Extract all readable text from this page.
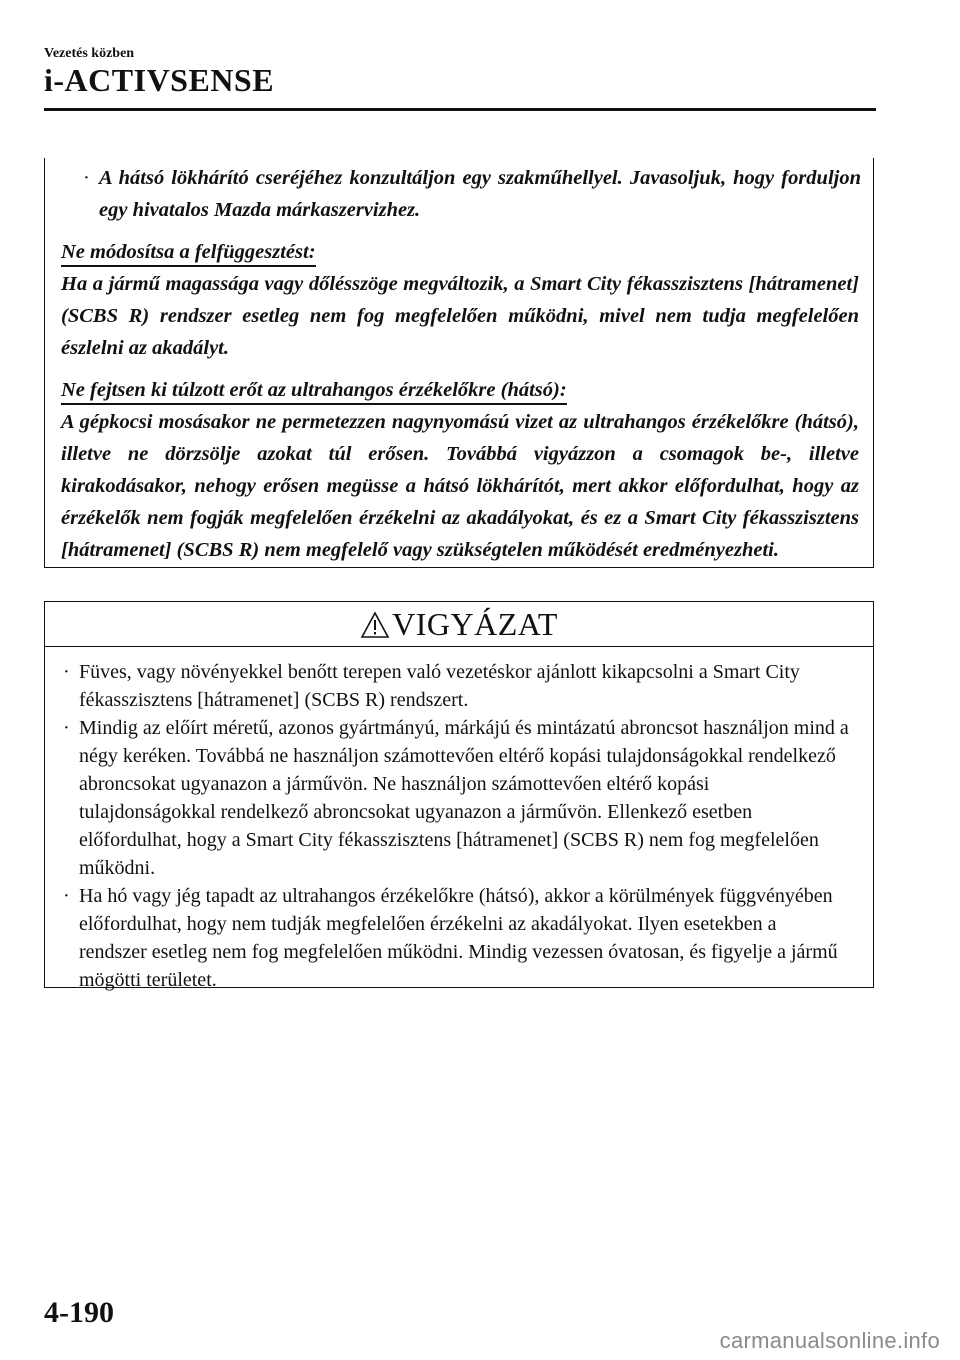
Vezetés közben
i-ACTIVSENSE
· A hátsó lökhárító cseréjéhez konzultáljon egy szakműhellyel. Javasoljuk, hogy forduljon egy hivatalos Mazda márkaszervizhez.
Ne módosítsa a felfüggesztést:
Ha a jármű magassága vagy dőlésszöge megváltozik, a Smart City fékasszisztens [hátramenet] (SCBS R) rendszer esetleg nem fog megfelelően működni, mivel nem tudja megfelelően észlelni az akadályt.
Ne fejtsen ki túlzott erőt az ultrahangos érzékelőkre (hátsó):
A gépkocsi mosásakor ne permetezzen nagynyomású vizet az ultrahangos érzékelőkre (hátsó), illetve ne dörzsölje azokat túl erősen. Továbbá vigyázzon a csomagok be-, illetve kirakodásakor, nehogy erősen megüsse a hátsó lökhárítót, mert akkor előfordulhat, hogy az érzékelők nem fogják megfelelően érzékelni az akadályokat, és ez a Smart City fékasszisztens [hátramenet] (SCBS R) nem megfelelő vagy szükségtelen működését eredményezheti.
VIGYÁZAT
· Füves, vagy növényekkel benőtt terepen való vezetéskor ajánlott kikapcsolni a Smart City fékasszisztens [hátramenet] (SCBS R) rendszert.
· Mindig az előírt méretű, azonos gyártmányú, márkájú és mintázatú abroncsot használjon mind a négy keréken. Továbbá ne használjon számottevően eltérő kopási tulajdonságokkal rendelkező abroncsokat ugyanazon a járművön. Ne használjon számottevően eltérő kopási tulajdonságokkal rendelkező abroncsokat ugyanazon a járművön. Ellenkező esetben előfordulhat, hogy a Smart City fékasszisztens [hátramenet] (SCBS R) nem fog megfelelően működni.
· Ha hó vagy jég tapadt az ultrahangos érzékelőkre (hátsó), akkor a körülmények függvényében előfordulhat, hogy nem tudják megfelelően érzékelni az akadályokat. Ilyen esetekben a rendszer esetleg nem fog megfelelően működni. Mindig vezessen óvatosan, és figyelje a jármű mögötti területet.
4-190
carmanualsonline.info
